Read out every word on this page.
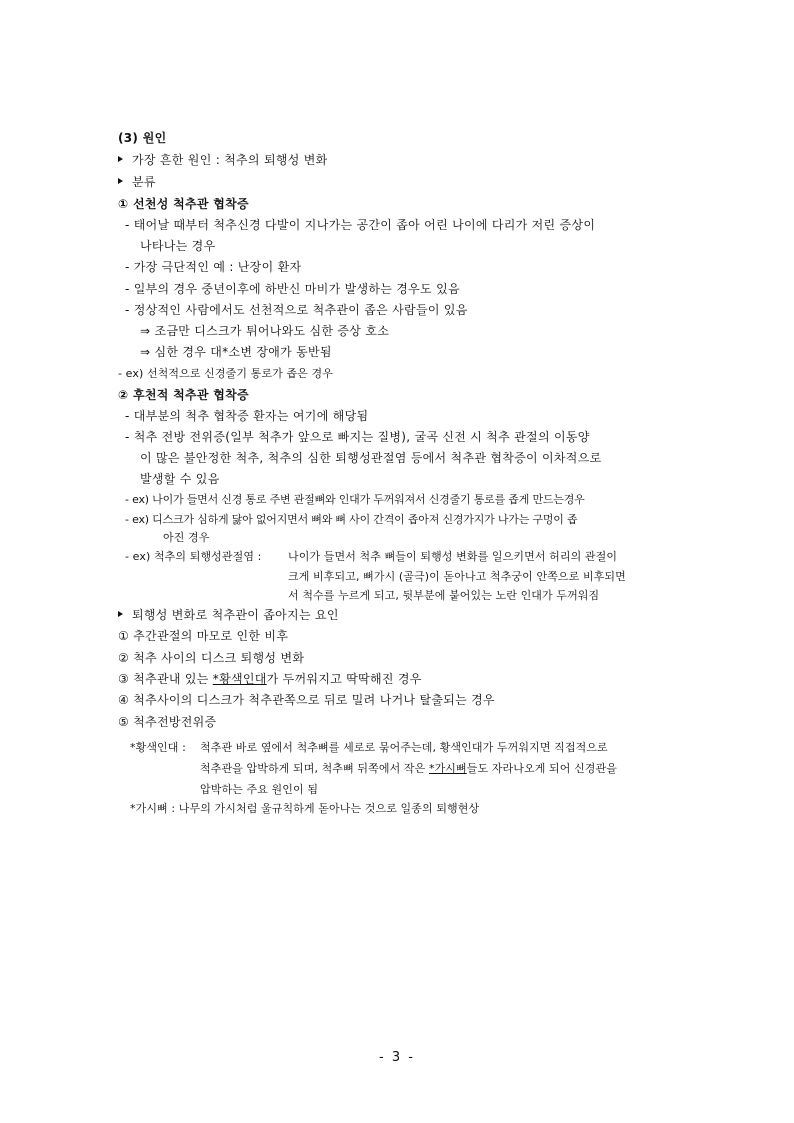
(3) 원인
가장 흔한 원인 : 척추의 퇴행성 변화
분류
① 선천성 척추관 협착증
- 태어날 때부터 척추신경 다발이 지나가는 공간이 좁아 어린 나이에 다리가 저린 증상이
나타나는 경우
- 가장 극단적인 예 : 난장이 환자
- 일부의 경우 중년이후에 하반신 마비가 발생하는 경우도 있음
- 정상적인 사람에서도 선천적으로 척추관이 좁은 사람들이 있음
⇒ 조금만 디스크가 튀어나와도 심한 증상 호소
⇒ 심한 경우 대*소변 장애가 동반됨
- ex) 선척적으로 신경줄기 통로가 좁은 경우
② 후천적 척추관 협착증
- 대부분의 척추 협착증 환자는 여기에 해당됨
- 척추 전방 전위증(일부 척추가 앞으로 빠지는 질병), 굴곡 신전 시 척추 관절의 이동양
이 많은 불안정한 척추, 척추의 심한 퇴행성관절염 등에서 척추관 협착증이 이차적으로
발생할 수 있음
- ex) 나이가 들면서 신경 통로 주변 관절뼈와 인대가 두꺼워져서 신경줄기 통로를 좁게 만드는경우
- ex) 디스크가 심하게 닳아 없어지면서 뼈와 뼈 사이 간격이 좁아져 신경가지가 나가는 구멍이 좁
아진 경우
- ex) 척추의 퇴행성관절염 : 나이가 들면서 척추 뼈들이 퇴행성 변화를 일으키면서 허리의 관절이
크게 비후되고, 뼈가시 (골극)이 돋아나고 척추궁이 안쪽으로 비후되면
서 척수를 누르게 되고, 뒷부분에 붙어있는 노란 인대가 두꺼워짐
퇴행성 변화로 척추관이 좁아지는 요인
① 추간관절의 마모로 인한 비후
② 척추 사이의 디스크 퇴행성 변화
③ 척추관내 있는 *황색인대가 두꺼워지고 딱딱해진 경우
④ 척추사이의 디스크가 척추관쪽으로 뒤로 밀려 나거나 탈출되는 경우
⑤ 척추전방전위증
*황색인대 : 척추관 바로 옆에서 척추뼈를 세로로 묶어주는데, 황색인대가 두꺼워지면 직접적으로
척추관을 압박하게 되며, 척추뼈 뒤쪽에서 작은 *가시뼈들도 자라나오게 되어 신경관을
압박하는 주요 원인이 됨
*가시뼈 : 나무의 가시처럼 울규칙하게 돋아나는 것으로 일종의 퇴행현상
- 3 -
